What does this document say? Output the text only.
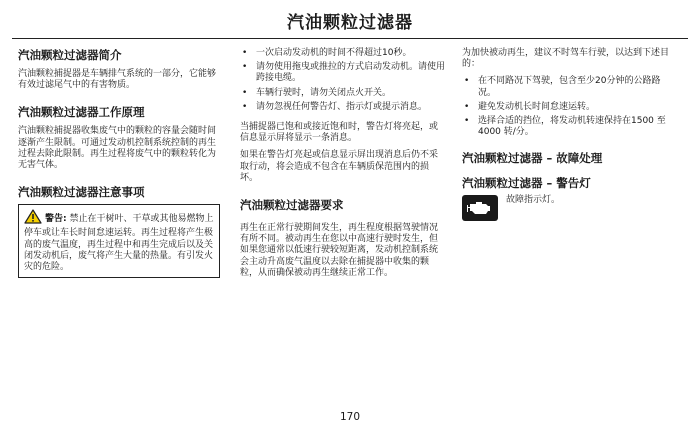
汽油颗粒过滤器
汽油颗粒过滤器简介

汽油颗粒捕捉器是车辆排气系统的一部分，它能够有效过滤尾气中的有害物质。

汽油颗粒过滤器工作原理

汽油颗粒捕捉器收集废气中的颗粒的容量会随时间逐渐产生限制。可通过发动机控制系统控制的再生过程去除此限制。再生过程将废气中的颗粒转化为无害气体。

汽油颗粒过滤器注意事项
警告: 禁止在干树叶、干草或其他易燃物上停车或让车长时间怠速运转。再生过程将产生极高的废气温度，再生过程中和再生完成后以及关闭发动机后，废气将产生大量的热量。有引发火灾的危险。
• 一次启动发动机的时间不得超过10秒。
• 请勿使用拖曳或推拉的方式启动发动机。请使用跨接电缆。
• 车辆行驶时，请勿关闭点火开关。
• 请勿忽视任何警告灯、指示灯或提示消息。

当捕捉器已饱和或接近饱和时，警告灯将亮起，或信息显示屏将显示一条消息。

如果在警告灯亮起或信息显示屏出现消息后仍不采取行动，将会造成不包含在车辆质保范围内的损坏。

汽油颗粒过滤器要求

再生在正常行驶期间发生，再生程度根据驾驶情况有所不同。被动再生在您以中高速行驶时发生，但如果您通常以低速行驶较短距离，发动机控制系统会主动升高废气温度以去除在捕捉器中收集的颗粒，从而确保被动再生继续正常工作。

为加快被动再生，建议不时驾车行驶，以达到下述目的：

• 在不同路况下驾驶，包含至少20分钟的公路路况。
• 避免发动机长时间怠速运转。
• 选择合适的挡位，将发动机转速保持在1500 至 4000 转/分。
汽油颗粒过滤器 – 故障处理
汽油颗粒过滤器 – 警告灯

故障指示灯。

170
